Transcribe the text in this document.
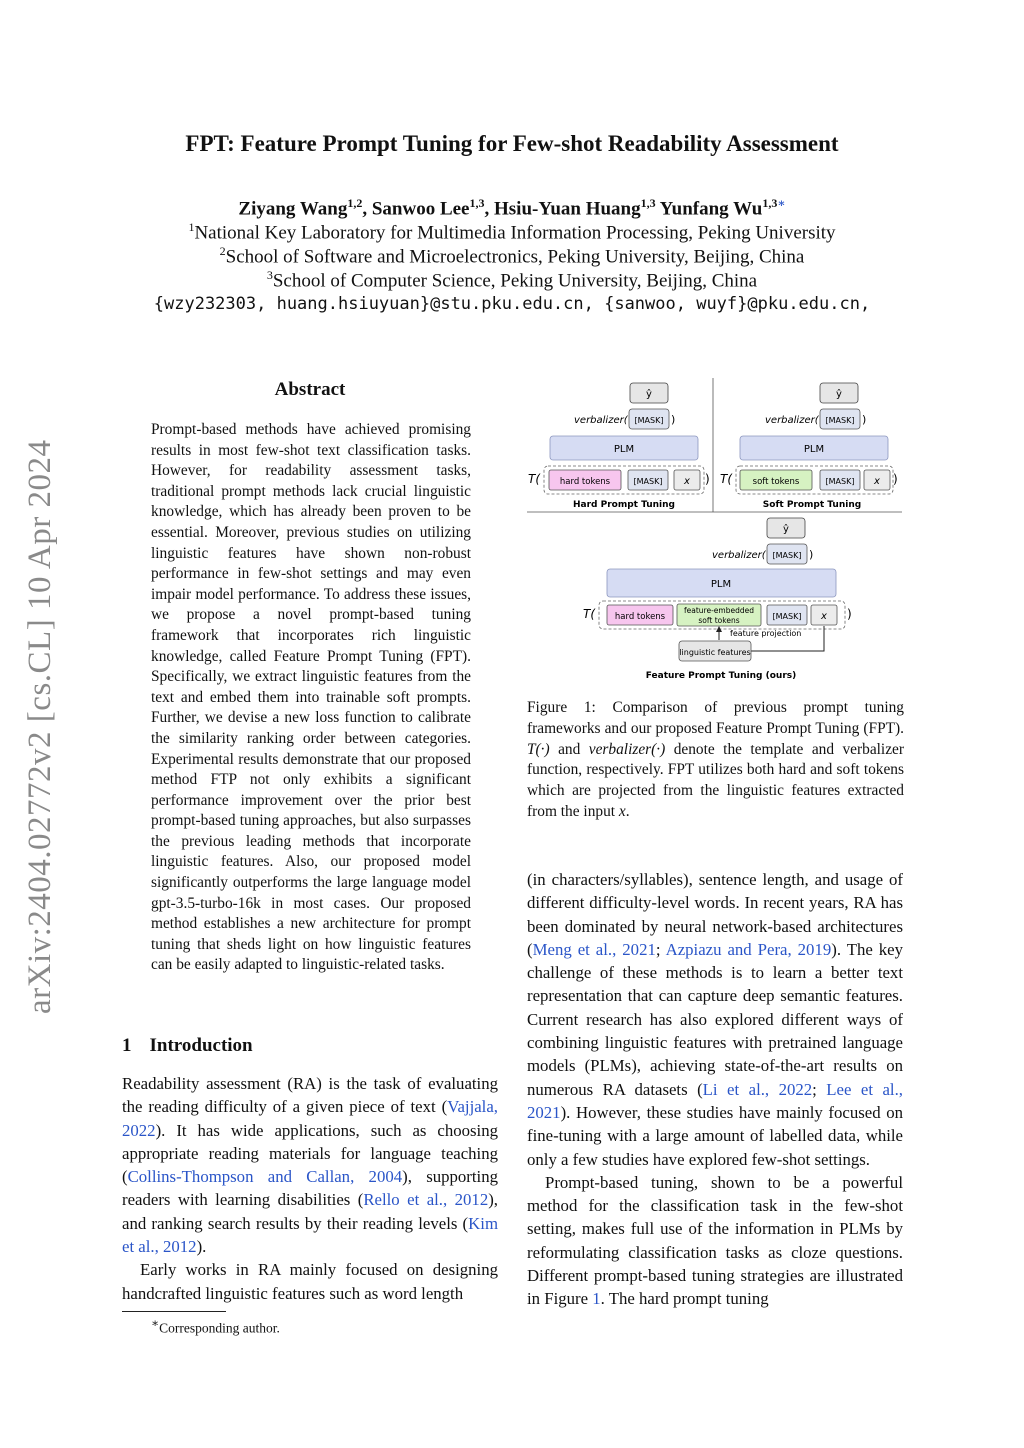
arXiv:2404.02772v2 [cs.CL] 10 Apr 2024
FPT: Feature Prompt Tuning for Few-shot Readability Assessment
Ziyang Wang$^{1,2}$, Sanwoo Lee$^{1,3}$, Hsiu-Yuan Huang$^{1,3}$ Yunfang $Wu^{1,3∗}$
$^1$National Key Laboratory for Multimedia Information Processing, Peking University
$^2$School of Software and Microelectronics, Peking University, Beijing, China
$^3$School of Computer Science, Peking University, Beijing, China
{wzy232303, huang.hsiuyuan}@stu.pku.edu.cn, {sanwoo, wuyf}@pku.edu.cn,
Abstract
Prompt-based methods have achieved promising results in most few-shot text classification tasks. However, for readability assessment tasks, traditional prompt methods lack crucial linguistic knowledge, which has already been proven to be essential. Moreover, previous studies on utilizing linguistic features have shown non-robust performance in few-shot settings and may even impair model performance. To address these issues, we propose a novel prompt-based tuning framework that incorporates rich linguistic knowledge, called Feature Prompt Tuning (FPT). Specifically, we extract linguistic features from the text and embed them into trainable soft prompts. Further, we devise a new loss function to calibrate the similarity ranking order between categories. Experimental results demonstrate that our proposed method FTP not only exhibits a significant performance improvement over the prior best prompt-based tuning approaches, but also surpasses the previous leading methods that incorporate linguistic features. Also, our proposed model significantly outperforms the large language model gpt-3.5-turbo-16k in most cases. Our proposed method establishes a new architecture for prompt tuning that sheds light on how linguistic features can be easily adapted to linguistic-related tasks.
1 Introduction
Readability assessment (RA) is the task of evaluating the reading difficulty of a given piece of text (Vajjala, 2022). It has wide applications, such as choosing appropriate reading materials for language teaching (Collins-Thompson and Callan, 2004), supporting readers with learning disabilities (Rello et al., 2012), and ranking search results by their reading levels (Kim et al., 2012).
Early works in RA mainly focused on designing handcrafted linguistic features such as word length
∗Corresponding author.
ŷ
verbalizer( [MASK] )
PLM
T( hard tokens	[MASK] x )
Hard Prompt Tuning
ŷ
verbalizer( [MASK] )
PLM
T( soft tokens	[MASK] x )
Soft Prompt Tuning
ŷ
verbalizer( [MASK] )
PLM
T( hard tokens
feature-embedded
soft tokens	[MASK] x )
feature projection
linguistic features
Feature Prompt Tuning (ours)
Figure 1: Comparison of previous prompt tuning frameworks and our proposed Feature Prompt Tuning (FPT). T(·) and verbalizer(·) denote the template and verbalizer function, respectively. FPT utilizes both hard and soft tokens which are projected from the linguistic features extracted from the input x.
(in characters/syllables), sentence length, and usage of different difficulty-level words. In recent years, RA has been dominated by neural network-based architectures (Meng et al., 2021; Azpiazu and Pera, 2019). The key challenge of these methods is to learn a better text representation that can capture deep semantic features. Current research has also explored different ways of combining linguistic features with pretrained language models (PLMs), achieving state-of-the-art results on numerous RA datasets (Li et al., 2022; Lee et al., 2021). However, these studies have mainly focused on fine-tuning with a large amount of labelled data, while only a few studies have explored few-shot settings.
Prompt-based tuning, shown to be a powerful method for the classification task in the few-shot setting, makes full use of the information in PLMs by reformulating classification tasks as cloze questions. Different prompt-based tuning strategies are illustrated in Figure 1. The hard prompt tuning
